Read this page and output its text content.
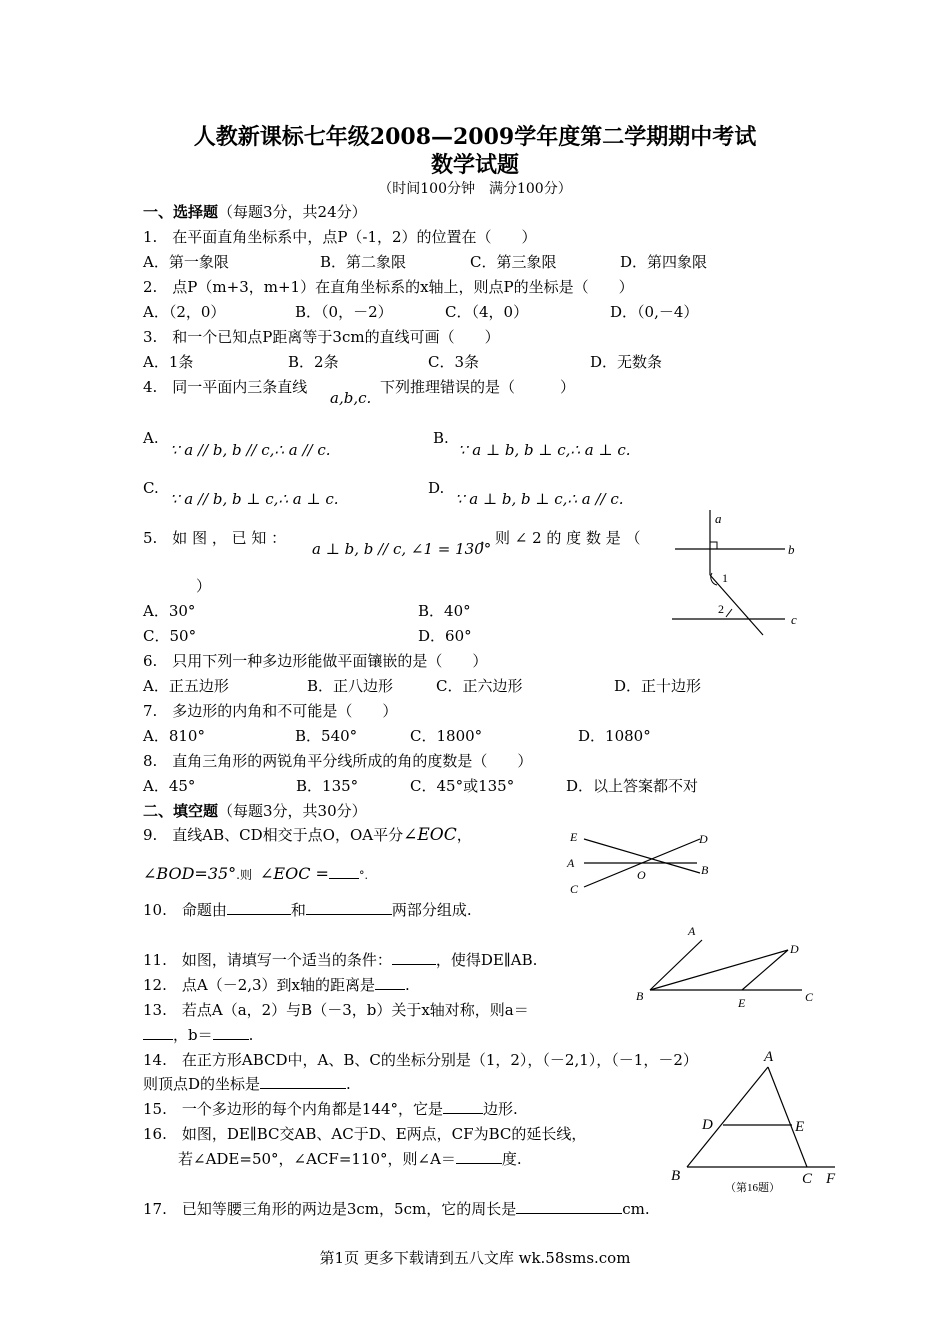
人教新课标七年级2008—2009学年度第二学期期中考试
数学试题
（时间100分钟　满分100分）
一、选择题（每题3分，共24分）
1.　在平面直角坐标系中，点P（-1，2）的位置在（　　）
A．第一象限	B．第二象限	C．第三象限	D．第四象限
2.　点P（m+3，m+1）在直角坐标系的x轴上，则点P的坐标是（　　）
A．（2，0）	B．（0，－2）	C．（4，0）	D．（0,－4）
3.　和一个已知点P距离等于3cm的直线可画（　　）
A．1条	B．2条	C．3条	D．无数条
4.　同一平面内三条直线
a,b,c.
下列推理错误的是（　　　）
A.
∵ a // b, b // c,∴ a // c.
B.
∵ a ⊥ b, b ⊥ c,∴ a ⊥ c.
C.
∵ a // b, b ⊥ c,∴ a ⊥ c.
D.
∵ a ⊥ b, b ⊥ c,∴ a // c.
5.　如 图 ， 已 知 ：
a ⊥ b, b // c, ∠1 = 130°
，则 ∠ 2 的 度 数 是 （
）
A．30°	B．40°
C．50°	D．60°
a
b
c
1
2
6.　只用下列一种多边形能做平面镶嵌的是（　　）
A．正五边形	B．正八边形	C．正六边形	D．正十边形
7.　多边形的内角和不可能是（　　）
A．810°	B．540°	C．1800°	D．1080°
8.　直角三角形的两锐角平分线所成的角的度数是（　　）
A．45°	B．135°	C．45°或135°	D．以上答案都不对
二、填空题（每题3分，共30分）
9.　直线AB、CD相交于点O，OA平分∠EOC，
∠BOD=35°.则 ∠EOC =	°.
E	D
A	B
C
O
10.　命题由	和	两部分组成.
11.　如图，请填写一个适当的条件：	，使得DE∥AB.
A
D
B	E	C
12.　点A（－2,3）到x轴的距离是 .
13.　若点A（a，2）与B（－3，b）关于x轴对称，则a＝
，b＝ .
14.　在正方形ABCD中，A、B、C的坐标分别是（1，2），（－2,1），（－1，－2）
则顶点D的坐标是	.
15.　一个多边形的每个内角都是144°，它是	边形.
16.　如图，DE∥BC交AB、AC于D、E两点，CF为BC的延长线，
若∠ADE=50°，∠ACF=110°，则∠A＝	度.
A
D	E
B	C F
（第16题）
17.　已知等腰三角形的两边是3cm，5cm，它的周长是	cm.
第1页 更多下载请到五八文库 wk.58sms.com
